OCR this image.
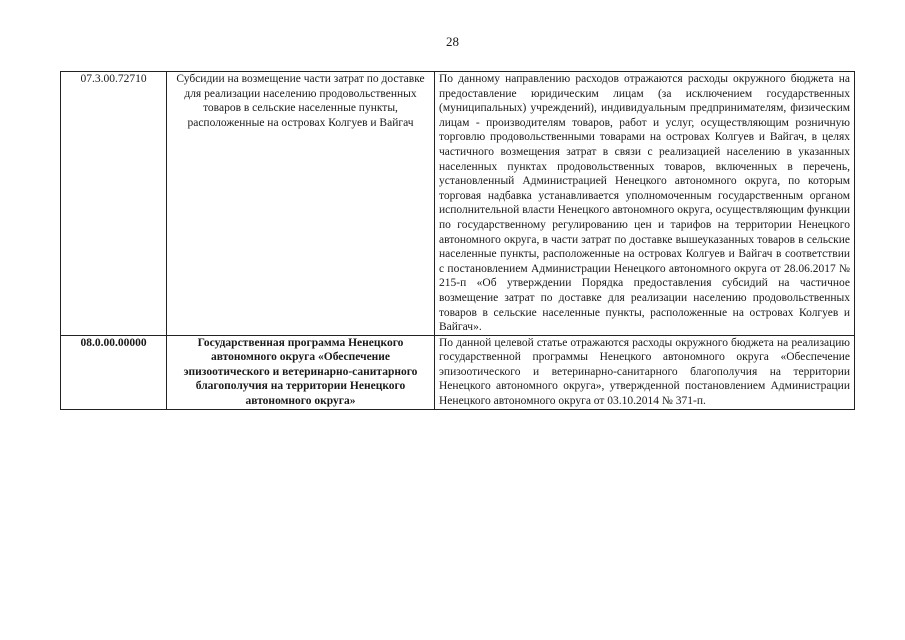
28
07.3.00.72710	Субсидии на возмещение части затрат по доставке для реализации населению продовольственных товаров в сельские населенные пункты, расположенные на островах Колгуев и Вайгач	По данному направлению расходов отражаются расходы окружного бюджета на предоставление юридическим лицам (за исключением государственных (муниципальных) учреждений), индивидуальным предпринимателям, физическим лицам - производителям товаров, работ и услуг, осуществляющим розничную торговлю продовольственными товарами на островах Колгуев и Вайгач, в целях частичного возмещения затрат в связи с реализацией населению в указанных населенных пунктах продовольственных товаров, включенных в перечень, установленный Администрацией Ненецкого автономного округа, по которым торговая надбавка устанавливается уполномоченным государственным органом исполнительной власти Ненецкого автономного округа, осуществляющим функции по государственному регулированию цен и тарифов на территории Ненецкого автономного округа, в части затрат по доставке вышеуказанных товаров в сельские населенные пункты, расположенные на островах Колгуев и Вайгач в соответствии с постановлением Администрации Ненецкого автономного округа от 28.06.2017 № 215-п «Об утверждении Порядка предоставления субсидий на частичное возмещение затрат по доставке для реализации населению продовольственных товаров в сельские населенные пункты, расположенные на островах Колгуев и Вайгач».
08.0.00.00000	Государственная программа Ненецкого автономного округа «Обеспечение эпизоотического и ветеринарно-санитарного благополучия на территории Ненецкого автономного округа»	По данной целевой статье отражаются расходы окружного бюджета на реализацию государственной программы Ненецкого автономного округа «Обеспечение эпизоотического и ветеринарно-санитарного благополучия на территории Ненецкого автономного округа», утвержденной постановлением Администрации Ненецкого автономного округа от 03.10.2014 № 371-п.
